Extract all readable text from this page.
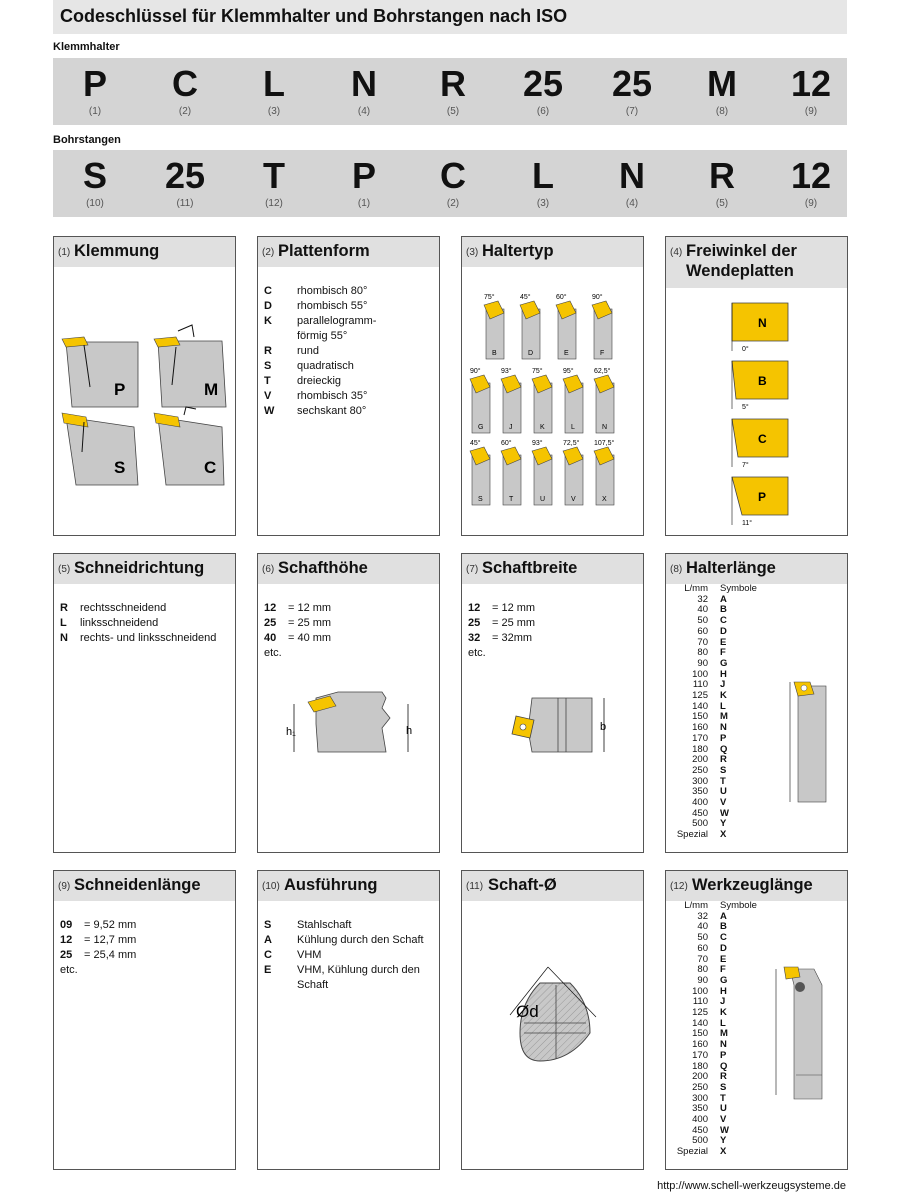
Codeschlüssel für Klemmhalter und Bohrstangen nach ISO
Klemmhalter
P
(1)
C
(2)
L
(3)
N
(4)
R
(5)
25
(6)
25
(7)
M
(8)
12
(9)
Bohrstangen
S
(10)
25
(11)
T
(12)
P
(1)
C
(2)
L
(3)
N
(4)
R
(5)
12
(9)
(1) Klemmung
P	M
S	C
(2) Plattenform
C rhombisch 80°
D rhombisch 55°
K parallelogramm-
förmig 55°
R rund
S quadratisch
T dreieckig
V rhombisch 35°
W sechskant 80°
(3) Haltertyp
75°
B
45°
D
60°
E
90°
F
90°
G
93°
J
75°
K
95°
L
62,5°
N
45°
S
60°
T
93°
U
72,5°
V
107,5°
X
(4) Freiwinkel der
Wendeplatten
N
0°
B
5°
C
7°
P
11°
(5) Schneidrichtung
R rechtsschneidend
L linksschneidend
N rechts- und linksschneidend
(6) Schafthöhe
12 = 12 mm
25 = 25 mm
40 = 40 mm
etc.
h₁	h
(7) Schaftbreite
12 = 12 mm
25 = 25 mm
32 = 32mm
etc.
b
(8) Halterlänge
L/mm	Symbole
32	A
40	B
50	C
60	D
70	E
80	F
90	G
100	H
110	J
125	K
140	L
150	M
160	N
170	P
180	Q
200	R
250	S
300	T
350	U
400	V
450	W
500	Y
Spezial	X
(9) Schneidenlänge
09 = 9,52 mm
12 = 12,7 mm
25 = 25,4 mm
etc.
(10) Ausführung
S Stahlschaft
A Kühlung durch den Schaft
C VHM
E VHM, Kühlung durch den
Schaft
(11) Schaft-Ø
Ød
(12) Werkzeuglänge
L/mm	Symbole
32	A
40	B
50	C
60	D
70	E
80	F
90	G
100	H
110	J
125	K
140	L
150	M
160	N
170	P
180	Q
200	R
250	S
300	T
350	U
400	V
450	W
500	Y
Spezial	X
http://www.schell-werkzeugsysteme.de
